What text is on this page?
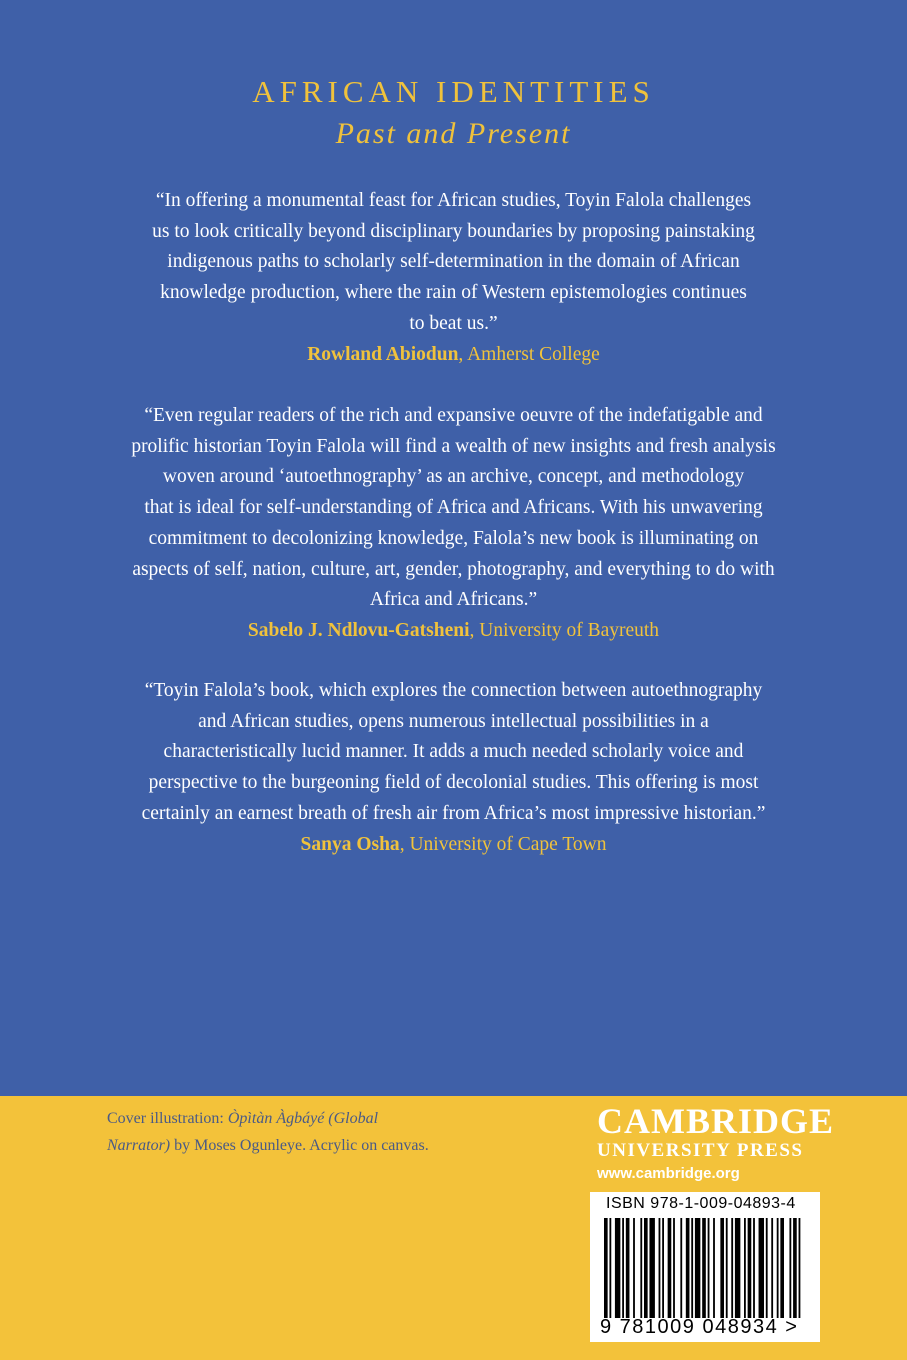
AFRICAN IDENTITIES
Past and Present
“In offering a monumental feast for African studies, Toyin Falola challenges
us to look critically beyond disciplinary boundaries by proposing painstaking
indigenous paths to scholarly self-determination in the domain of African
knowledge production, where the rain of Western epistemologies continues
to beat us.”
Rowland Abiodun, Amherst College
“Even regular readers of the rich and expansive oeuvre of the indefatigable and
prolific historian Toyin Falola will find a wealth of new insights and fresh analysis
woven around ‘autoethnography’ as an archive, concept, and methodology
that is ideal for self-understanding of Africa and Africans. With his unwavering
commitment to decolonizing knowledge, Falola’s new book is illuminating on
aspects of self, nation, culture, art, gender, photography, and everything to do with
Africa and Africans.”
Sabelo J. Ndlovu-Gatsheni, University of Bayreuth
“Toyin Falola’s book, which explores the connection between autoethnography
and African studies, opens numerous intellectual possibilities in a
characteristically lucid manner. It adds a much needed scholarly voice and
perspective to the burgeoning field of decolonial studies. This offering is most
certainly an earnest breath of fresh air from Africa’s most impressive historian.”
Sanya Osha, University of Cape Town
Cover illustration: Òpìtàn Àgbáyé (Global
Narrator) by Moses Ogunleye. Acrylic on canvas.
CAMBRIDGE
UNIVERSITY PRESS
www.cambridge.org
ISBN 978-1-009-04893-4
9 781009 048934 >
